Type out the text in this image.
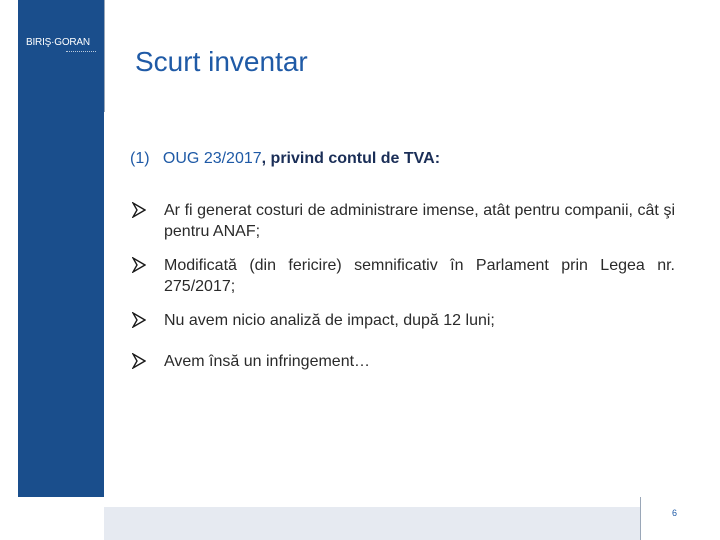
BIRIŞ·GORAN
Scurt inventar
(1) OUG 23/2017, privind contul de TVA:
Ar fi generat costuri de administrare imense, atât pentru companii, cât şi pentru ANAF;
Modificată (din fericire) semnificativ în Parlament prin Legea nr. 275/2017;
Nu avem nicio analiză de impact, după 12 luni;
Avem însă un infringement…
6
